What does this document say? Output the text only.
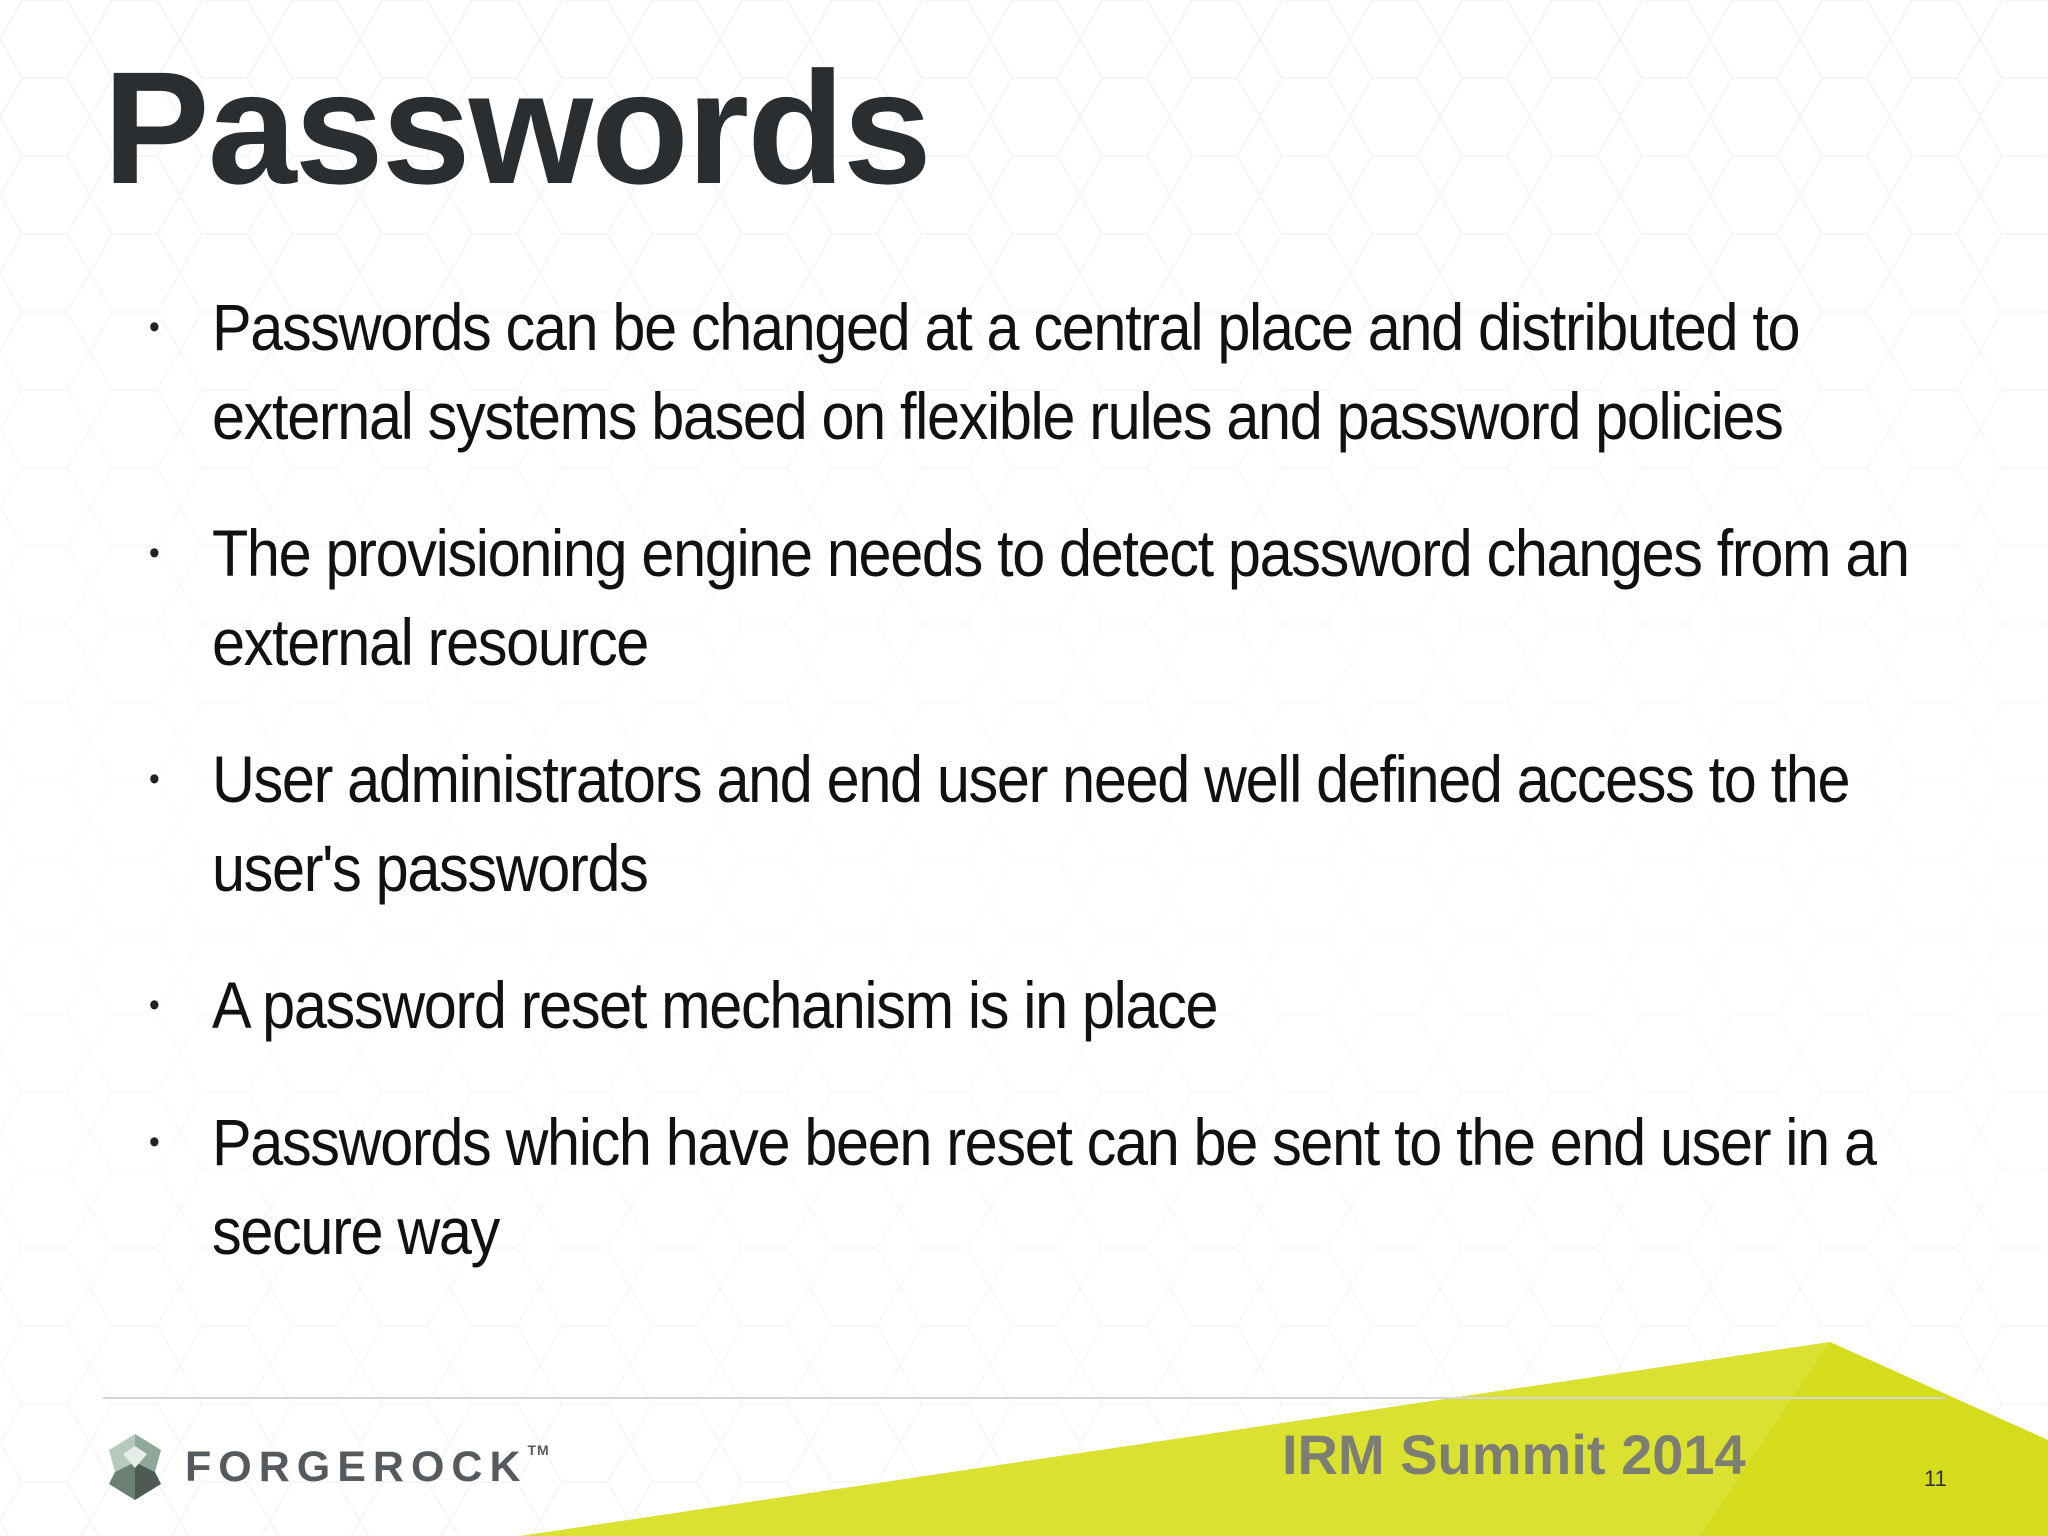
Passwords
• Passwords can be changed at a central place and distributed to external systems based on flexible rules and password policies
• The provisioning engine needs to detect password changes from an external resource
• User administrators and end user need well defined access to the user's passwords
• A password reset mechanism is in place
• Passwords which have been reset can be sent to the end user in a secure way
FORGEROCK TM	IRM Summit 2014	11
